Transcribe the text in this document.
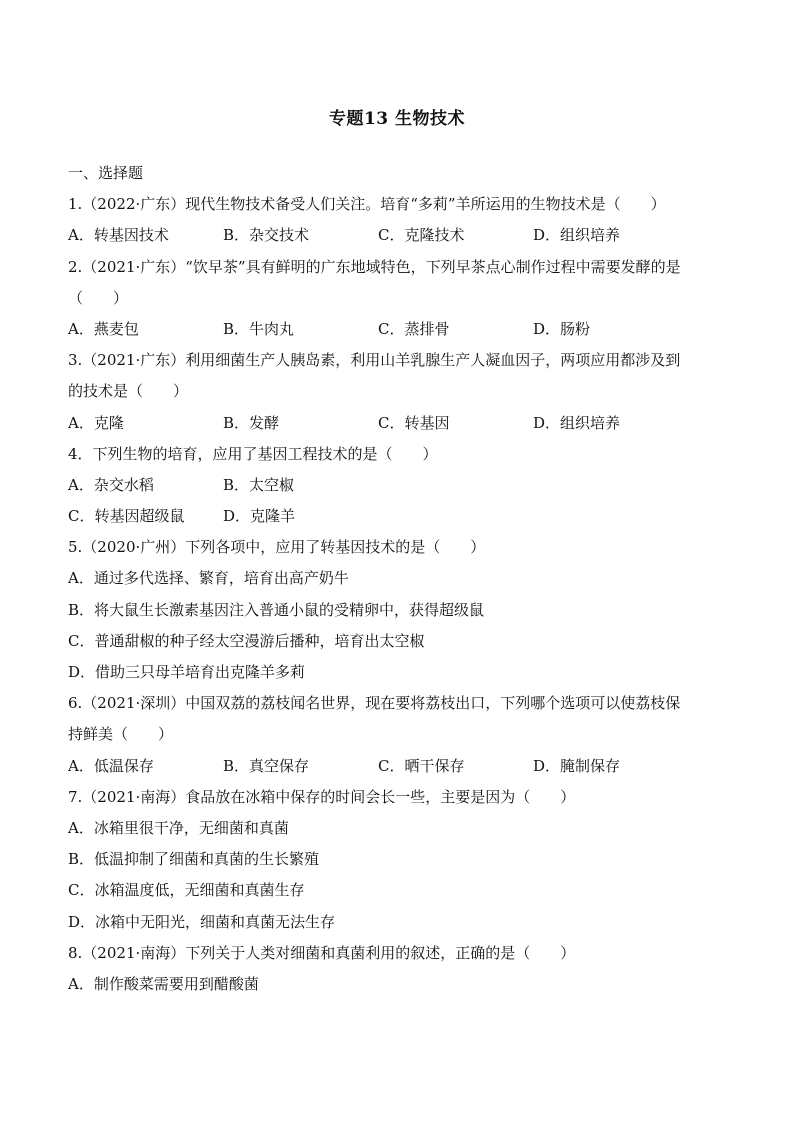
专题13 生物技术
一、选择题
1.（2022·广东）现代生物技术备受人们关注。培育“多莉”羊所运用的生物技术是（　　）
A．转基因技术	B．杂交技术	C．克隆技术	D．组织培养
2.（2021·广东）“饮早茶”具有鲜明的广东地域特色，下列早茶点心制作过程中需要发酵的是
（　　）
A．燕麦包	B．牛肉丸	C．蒸排骨	D．肠粉
3.（2021·广东）利用细菌生产人胰岛素，利用山羊乳腺生产人凝血因子，两项应用都涉及到
的技术是（　　）
A．克隆	B．发酵	C．转基因	D．组织培养
4．下列生物的培育，应用了基因工程技术的是（　　）
A．杂交水稻	B．太空椒
C．转基因超级鼠	D．克隆羊
5.（2020·广州）下列各项中，应用了转基因技术的是（　　）
A．通过多代选择、繁育，培育出高产奶牛
B．将大鼠生长激素基因注入普通小鼠的受精卵中，获得超级鼠
C．普通甜椒的种子经太空漫游后播种，培育出太空椒
D．借助三只母羊培育出克隆羊多莉
6.（2021·深圳）中国双荔的荔枝闻名世界，现在要将荔枝出口，下列哪个选项可以使荔枝保
持鲜美（　　）
A．低温保存	B．真空保存	C．晒干保存	D．腌制保存
7.（2021·南海）食品放在冰箱中保存的时间会长一些，主要是因为（　　）
A．冰箱里很干净，无细菌和真菌
B．低温抑制了细菌和真菌的生长繁殖
C．冰箱温度低，无细菌和真菌生存
D．冰箱中无阳光，细菌和真菌无法生存
8.（2021·南海）下列关于人类对细菌和真菌利用的叙述，正确的是（　　）
A．制作酸菜需要用到醋酸菌
